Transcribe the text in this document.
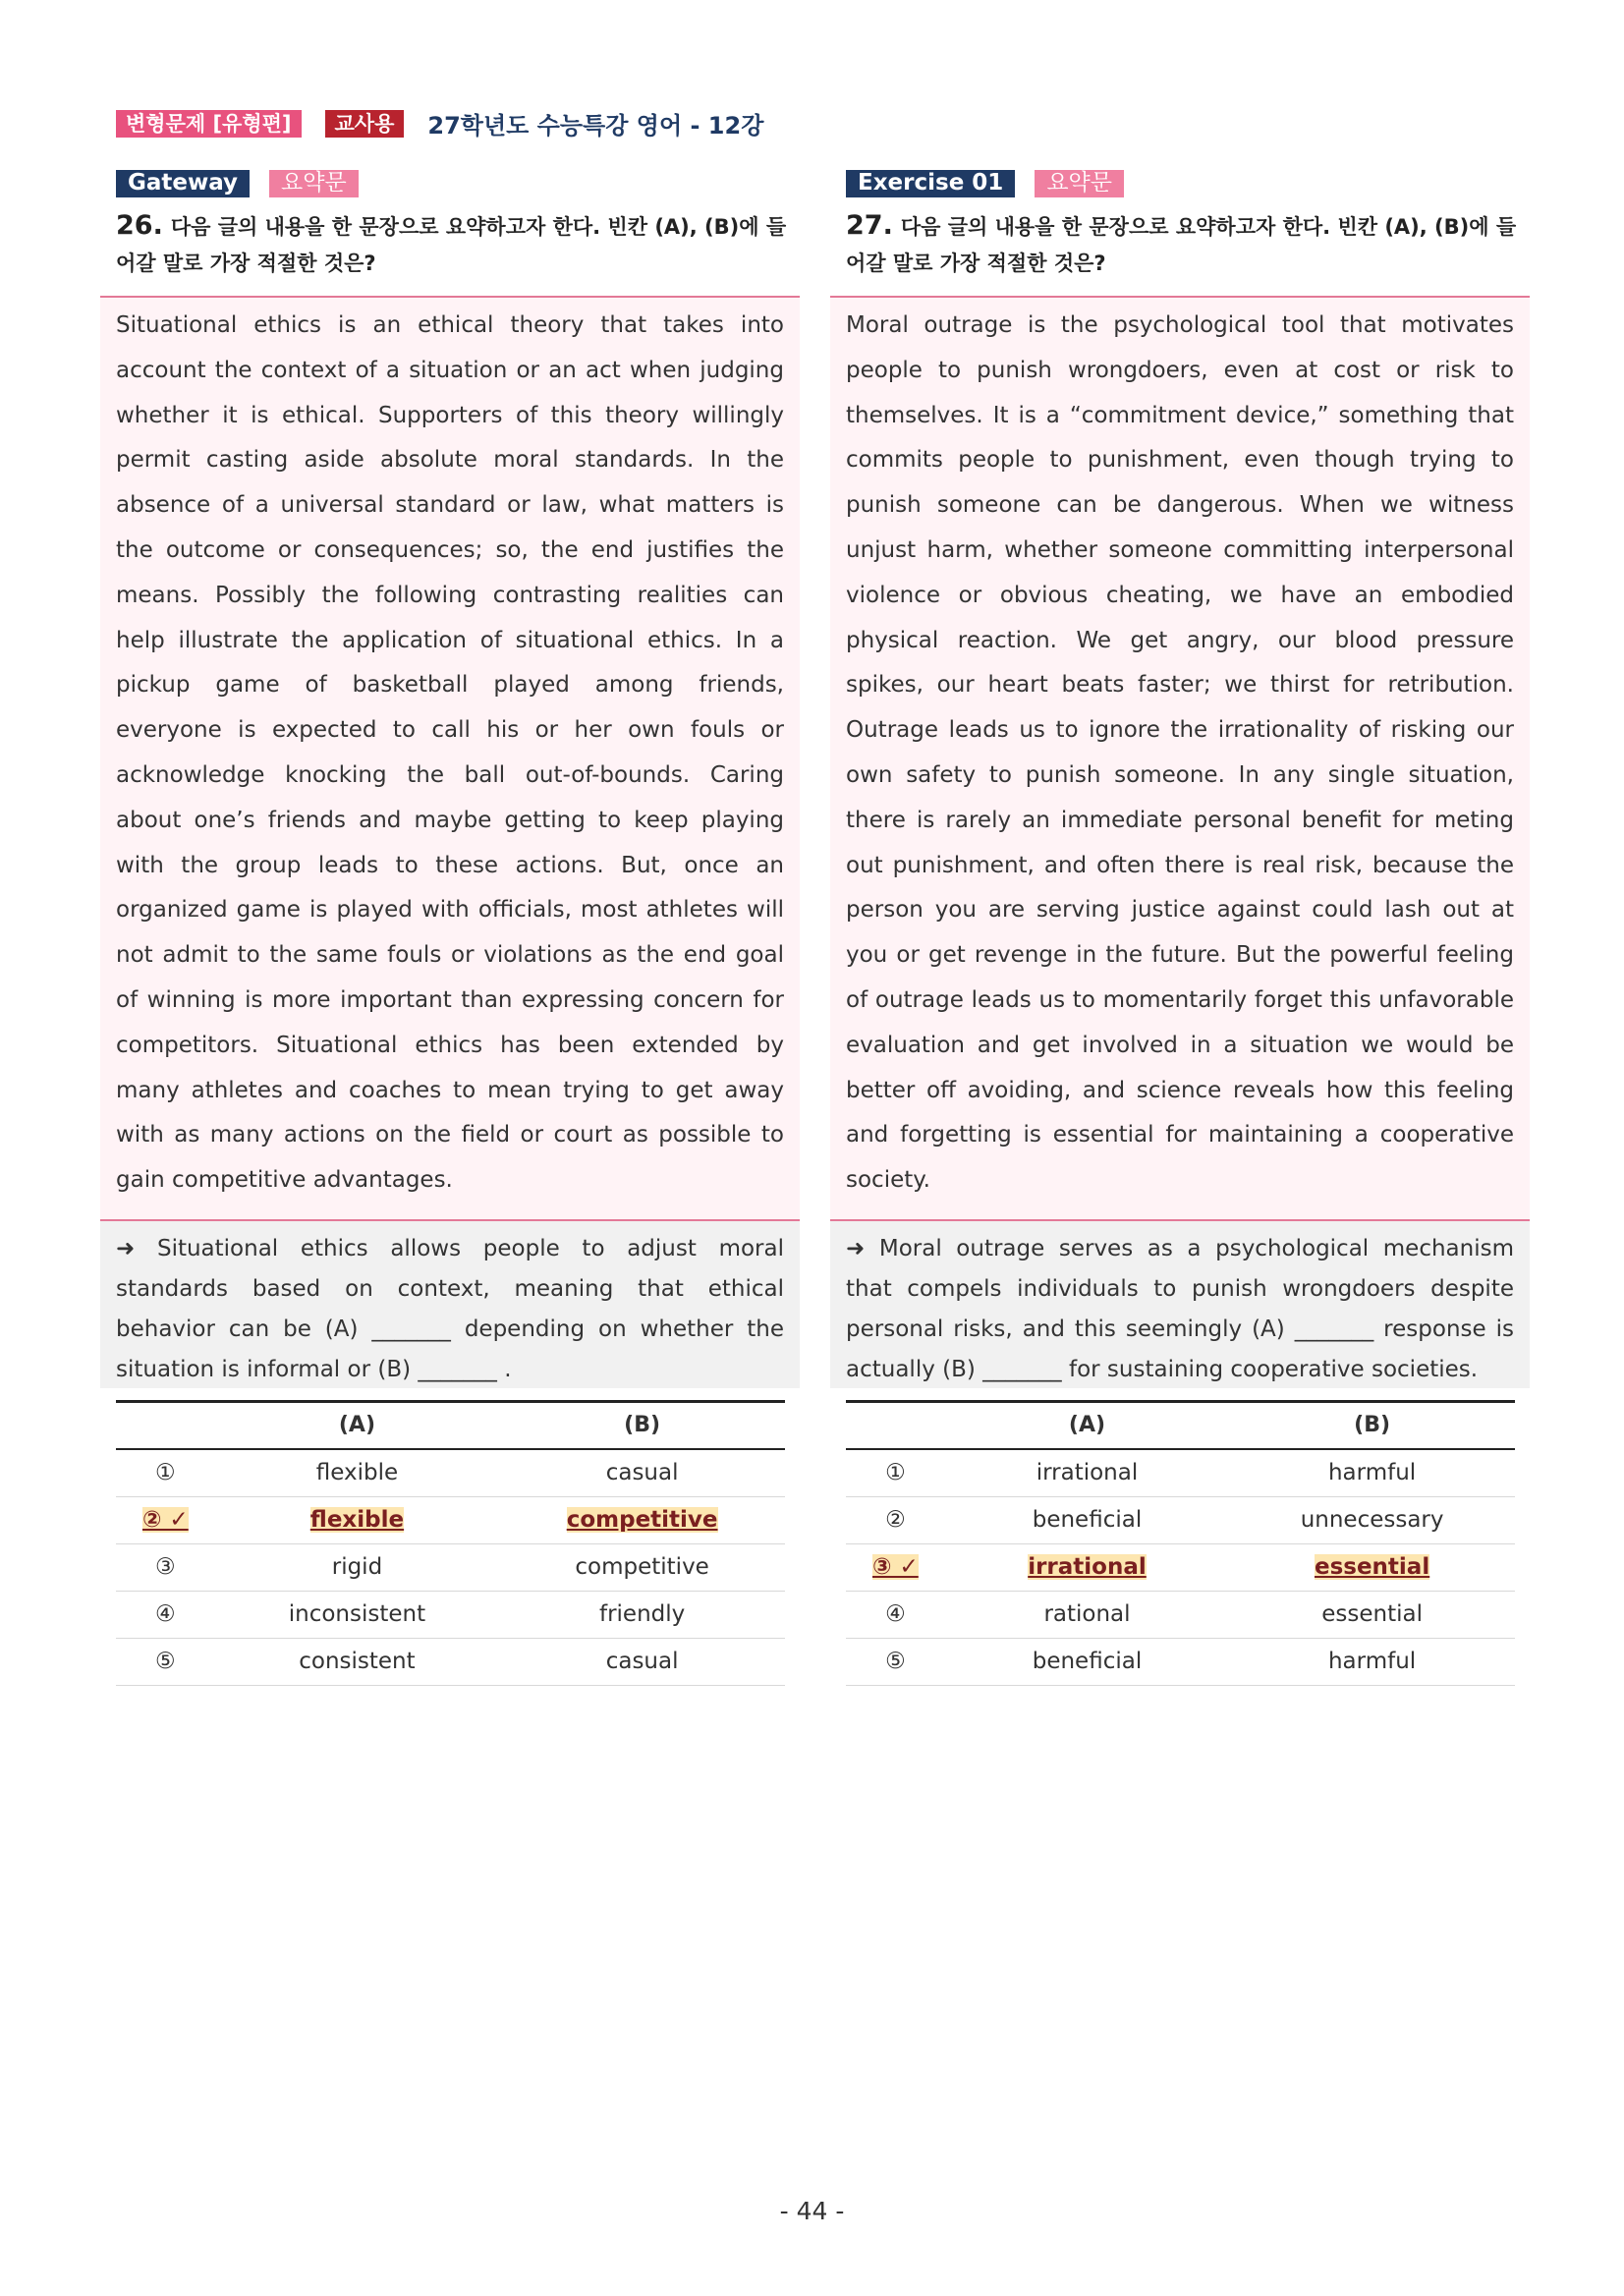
변형문제 [유형편]	교사용	27학년도 수능특강 영어 - 12강
Gateway	요약문
26. 다음 글의 내용을 한 문장으로 요약하고자 한다. 빈칸 (A), (B)에 들어갈 말로 가장 적절한 것은?

Situational ethics is an ethical theory that takes into account the context of a situation or an act when judging whether it is ethical. Supporters of this theory willingly permit casting aside absolute moral standards. In the absence of a universal standard or law, what matters is the outcome or consequences; so, the end justifies the means. Possibly the following contrasting realities can help illustrate the application of situational ethics. In a pickup game of basketball played among friends, everyone is expected to call his or her own fouls or acknowledge knocking the ball out-of-bounds. Caring about one’s friends and maybe getting to keep playing with the group leads to these actions. But, once an organized game is played with officials, most athletes will not admit to the same fouls or violations as the end goal of winning is more important than expressing concern for competitors. Situational ethics has been extended by many athletes and coaches to mean trying to get away with as many actions on the field or court as possible to gain competitive advantages.

➜ Situational ethics allows people to adjust moral standards based on context, meaning that ethical behavior can be (A) _______ depending on whether the situation is informal or (B) _______ .

	(A)	(B)
①	flexible	casual
② ✓	flexible	competitive
③	rigid	competitive
④	inconsistent	friendly
⑤	consistent	casual
Exercise 01	요약문
27. 다음 글의 내용을 한 문장으로 요약하고자 한다. 빈칸 (A), (B)에 들어갈 말로 가장 적절한 것은?

Moral outrage is the psychological tool that motivates people to punish wrongdoers, even at cost or risk to themselves. It is a “commitment device,” something that commits people to punishment, even though trying to punish someone can be dangerous. When we witness unjust harm, whether someone committing interpersonal violence or obvious cheating, we have an embodied physical reaction. We get angry, our blood pressure spikes, our heart beats faster; we thirst for retribution. Outrage leads us to ignore the irrationality of risking our own safety to punish someone. In any single situation, there is rarely an immediate personal benefit for meting out punishment, and often there is real risk, because the person you are serving justice against could lash out at you or get revenge in the future. But the powerful feeling of outrage leads us to momentarily forget this unfavorable evaluation and get involved in a situation we would be better off avoiding, and science reveals how this feeling and forgetting is essential for maintaining a cooperative society.

➜ Moral outrage serves as a psychological mechanism that compels individuals to punish wrongdoers despite personal risks, and this seemingly (A) _______ response is actually (B) _______ for sustaining cooperative societies.

	(A)	(B)
①	irrational	harmful
②	beneficial	unnecessary
③ ✓	irrational	essential
④	rational	essential
⑤	beneficial	harmful
- 44 -
